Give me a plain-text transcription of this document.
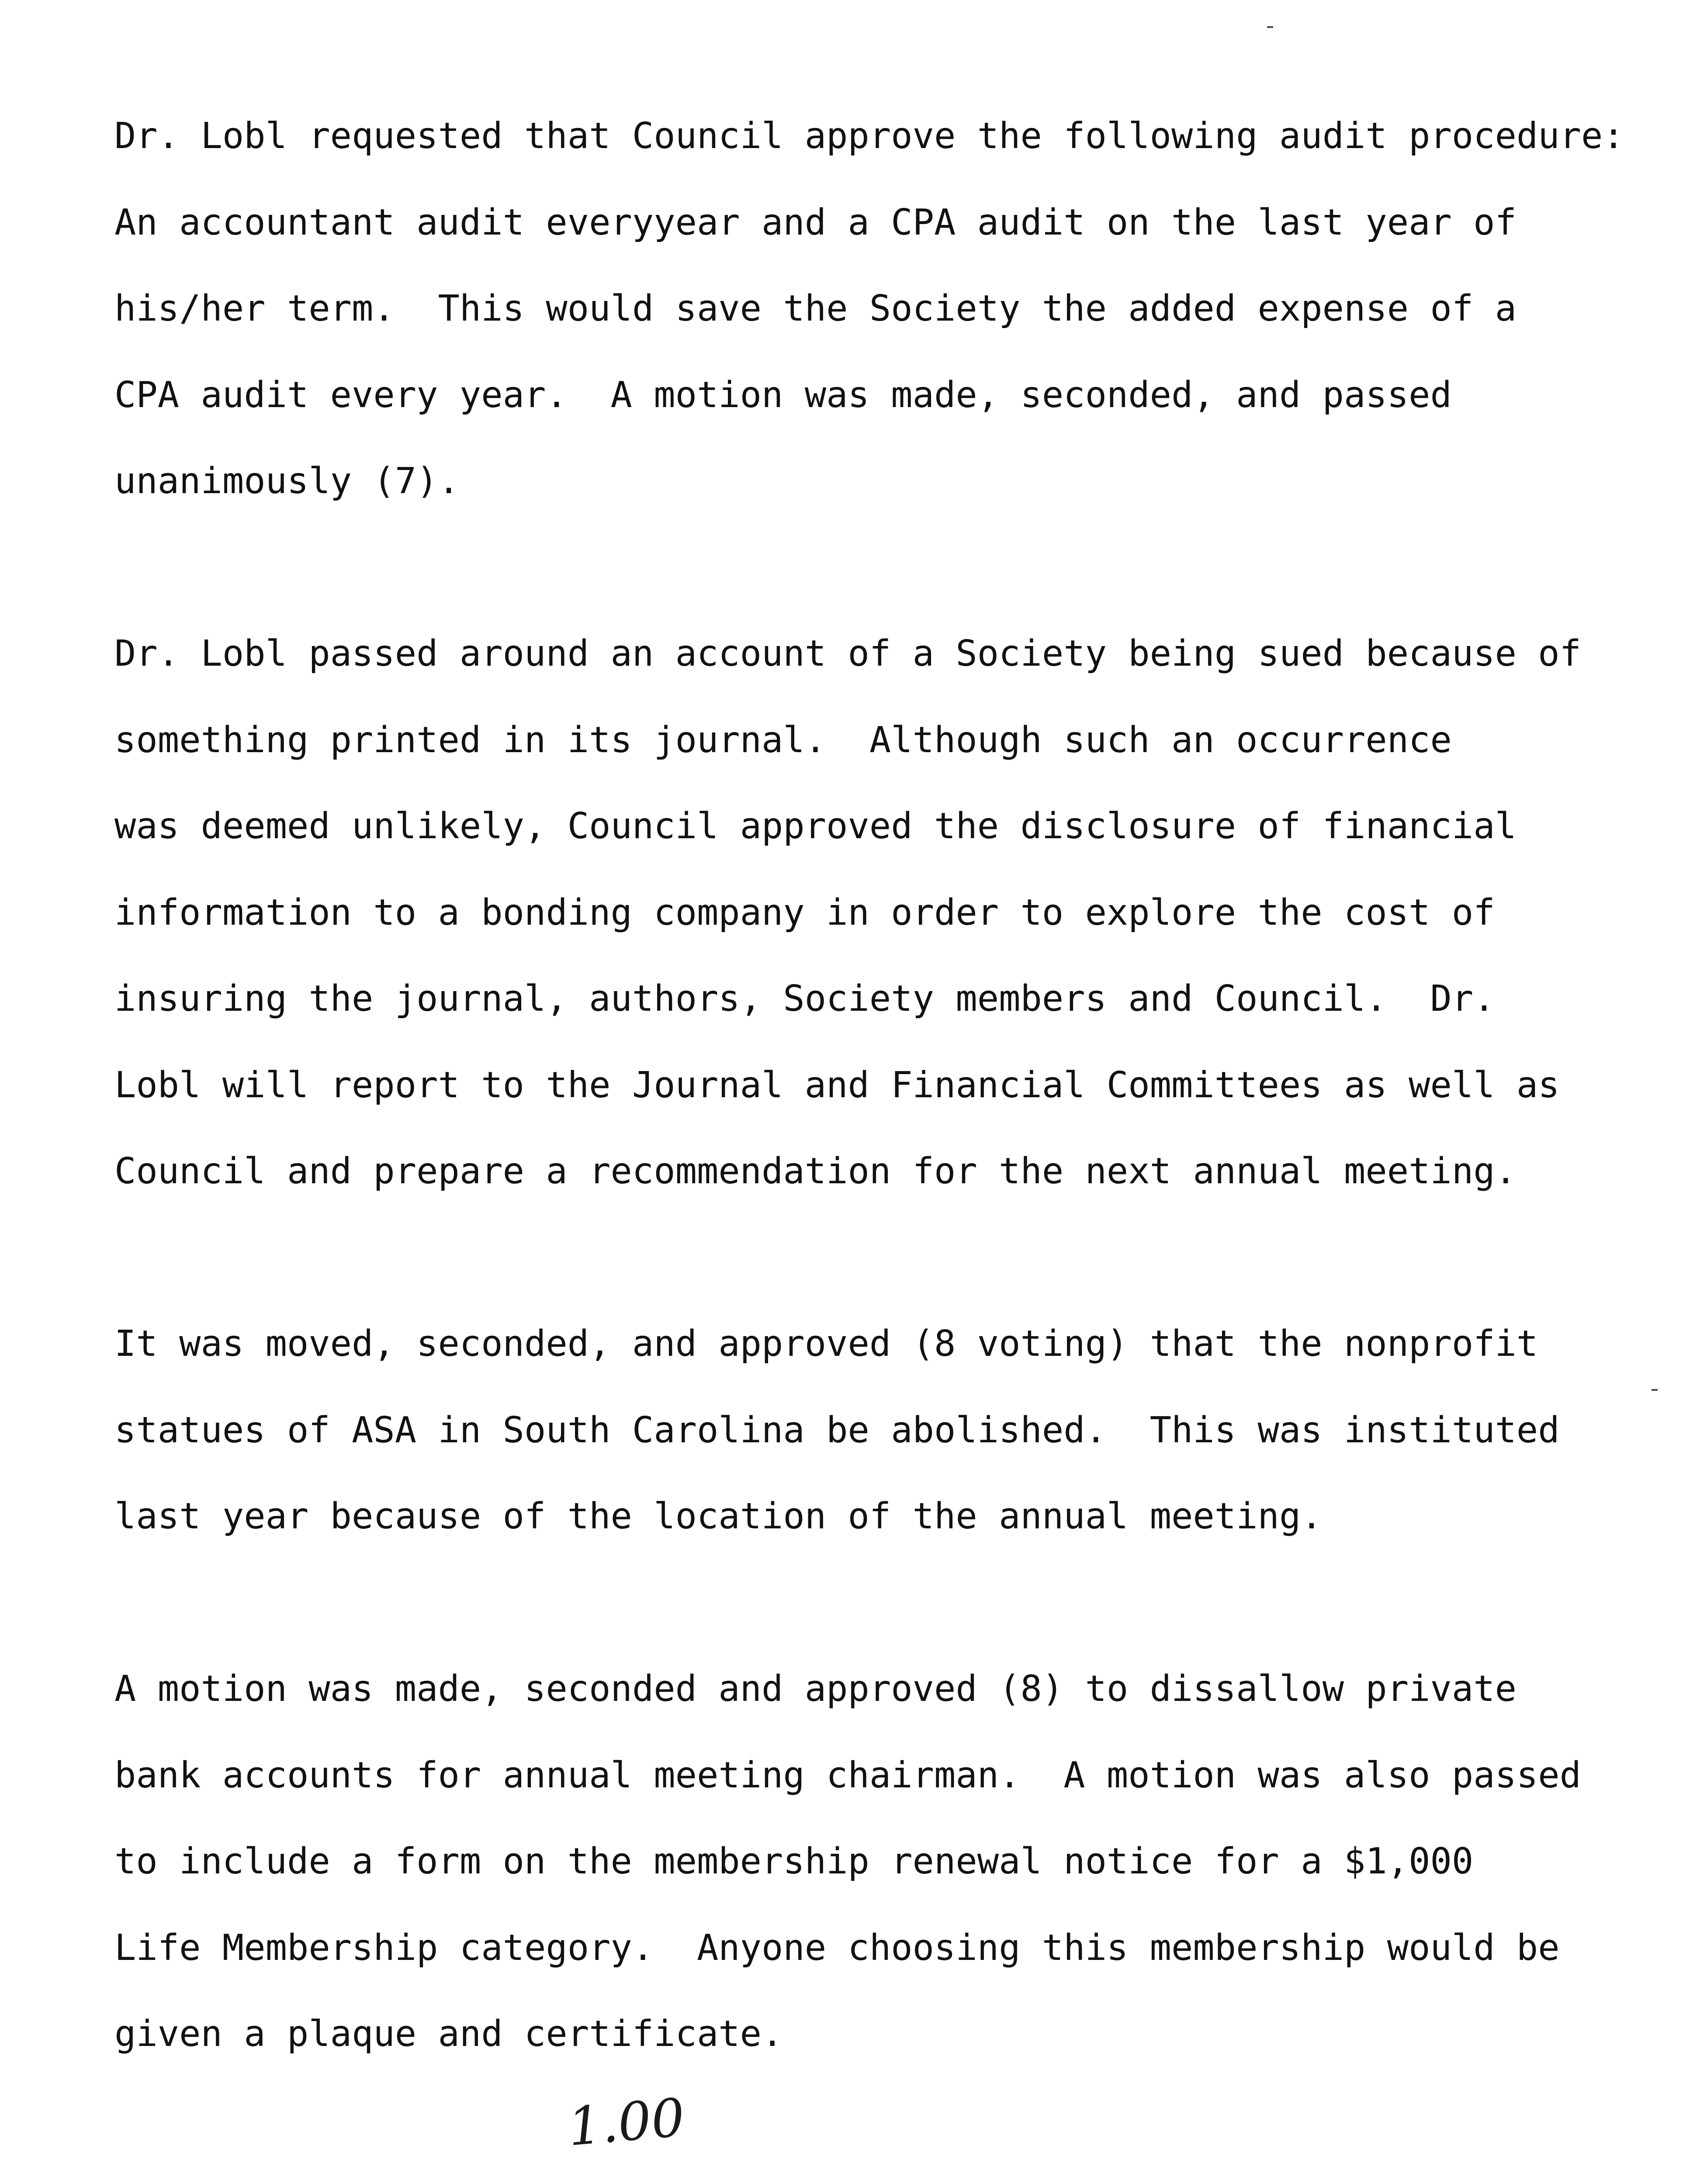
Dr. Lobl requested that Council approve the following audit procedure:
An accountant audit everyyear and a CPA audit on the last year of
his/her term.  This would save the Society the added expense of a
CPA audit every year.  A motion was made, seconded, and passed
unanimously (7).
Dr. Lobl passed around an account of a Society being sued because of
something printed in its journal.  Although such an occurrence
was deemed unlikely, Council approved the disclosure of financial
information to a bonding company in order to explore the cost of
insuring the journal, authors, Society members and Council.  Dr.
Lobl will report to the Journal and Financial Committees as well as
Council and prepare a recommendation for the next annual meeting.
It was moved, seconded, and approved (8 voting) that the nonprofit
statues of ASA in South Carolina be abolished.  This was instituted
last year because of the location of the annual meeting.
A motion was made, seconded and approved (8) to dissallow private
bank accounts for annual meeting chairman.  A motion was also passed
to include a form on the membership renewal notice for a $1,000
Life Membership category.  Anyone choosing this membership would be
given a plaque and certificate.
1.00
